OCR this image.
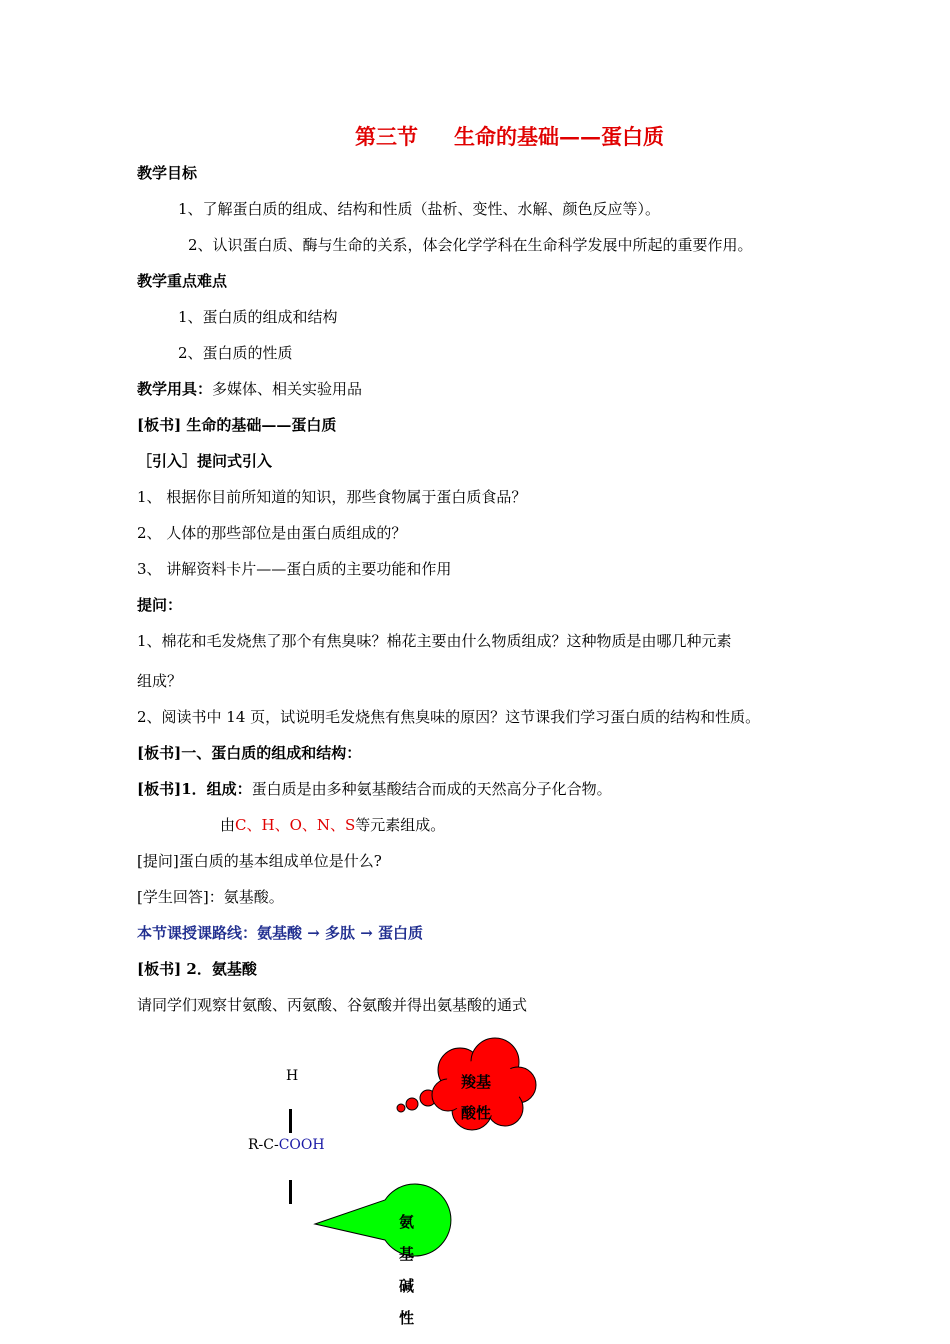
第三节 生命的基础——蛋白质
教学目标
1、了解蛋白质的组成、结构和性质（盐析、变性、水解、颜色反应等）。
2、认识蛋白质、酶与生命的关系，体会化学学科在生命科学发展中所起的重要作用。
教学重点难点
1、蛋白质的组成和结构
2、蛋白质的性质
教学用具：多媒体、相关实验用品
[板书] 生命的基础——蛋白质
［引入］提问式引入
1、 根据你目前所知道的知识，那些食物属于蛋白质食品？
2、 人体的那些部位是由蛋白质组成的？
3、 讲解资料卡片——蛋白质的主要功能和作用
提问：
1、棉花和毛发烧焦了那个有焦臭味？棉花主要由什么物质组成？这种物质是由哪几种元素
组成？
2、阅读书中 14 页，试说明毛发烧焦有焦臭味的原因？这节课我们学习蛋白质的结构和性质。
[板书]一、蛋白质的组成和结构：
[板书]1．组成：蛋白质是由多种氨基酸结合而成的天然高分子化合物。
由C、H、O、N、S等元素组成。
[提问]蛋白质的基本组成单位是什么?
[学生回答]：氨基酸。
本节课授课路线：氨基酸 → 多肽 → 蛋白质
[板书] 2．氨基酸
请同学们观察甘氨酸、丙氨酸、谷氨酸并得出氨基酸的通式
H
R-C-COOH
羧基
酸性
氨
基
碱
性
